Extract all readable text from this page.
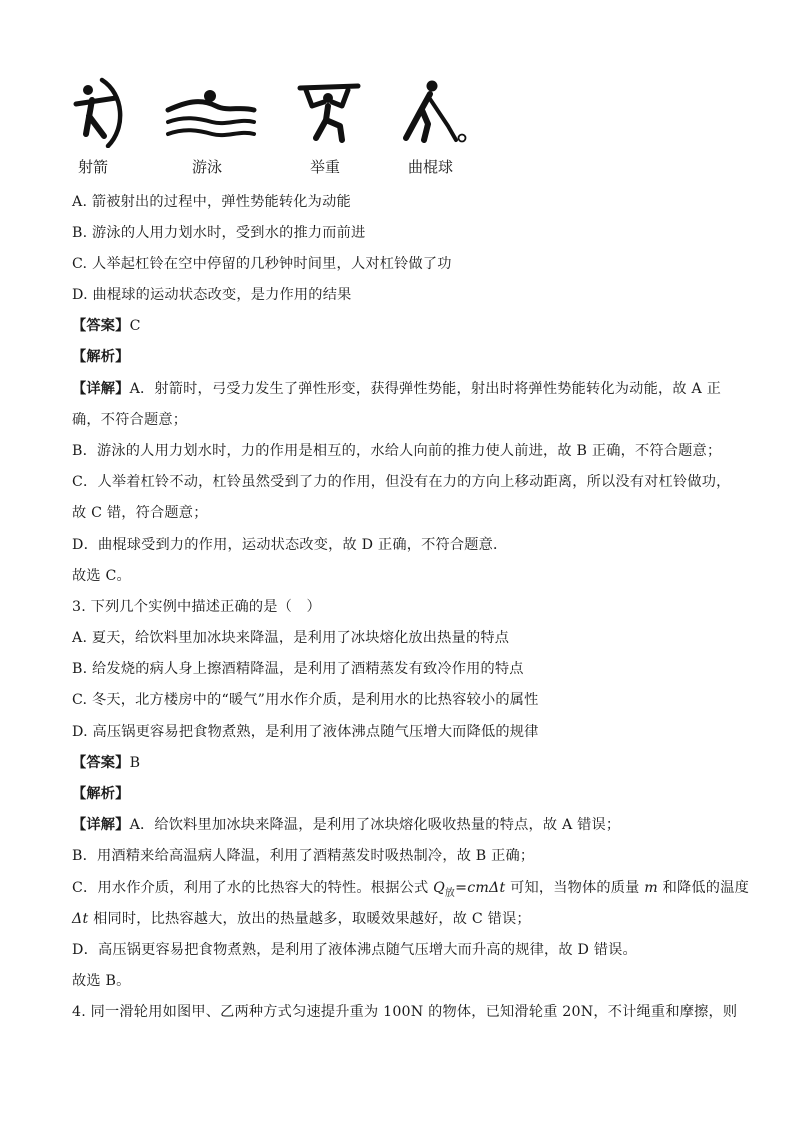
射箭	游泳	举重	曲棍球
A. 箭被射出的过程中，弹性势能转化为动能
B. 游泳的人用力划水时，受到水的推力而前进
C. 人举起杠铃在空中停留的几秒钟时间里，人对杠铃做了功
D. 曲棍球的运动状态改变，是力作用的结果
【答案】C
【解析】
【详解】A．射箭时，弓受力发生了弹性形变，获得弹性势能，射出时将弹性势能转化为动能，故 A 正
确，不符合题意；
B．游泳的人用力划水时，力的作用是相互的，水给人向前的推力使人前进，故 B 正确，不符合题意；
C．人举着杠铃不动，杠铃虽然受到了力的作用，但没有在力的方向上移动距离，所以没有对杠铃做功，
故 C 错，符合题意；
D．曲棍球受到力的作用，运动状态改变，故 D 正确，不符合题意．
故选 C。
3. 下列几个实例中描述正确的是（　）
A. 夏天，给饮料里加冰块来降温，是利用了冰块熔化放出热量的特点
B. 给发烧的病人身上擦酒精降温，是利用了酒精蒸发有致冷作用的特点
C. 冬天，北方楼房中的“暖气”用水作介质，是利用水的比热容较小的属性
D. 高压锅更容易把食物煮熟，是利用了液体沸点随气压增大而降低的规律
【答案】B
【解析】
【详解】A．给饮料里加冰块来降温，是利用了冰块熔化吸收热量的特点，故 A 错误；
B．用酒精来给高温病人降温，利用了酒精蒸发时吸热制冷，故 B 正确；
C．用水作介质，利用了水的比热容大的特性。根据公式 $Q_放=cm\Delta t$ 可知，当物体的质量 m 和降低的温度
Δt 相同时，比热容越大，放出的热量越多，取暖效果越好，故 C 错误；
D．高压锅更容易把食物煮熟，是利用了液体沸点随气压增大而升高的规律，故 D 错误。
故选 B。
4. 同一滑轮用如图甲、乙两种方式匀速提升重为 100N 的物体，已知滑轮重 20N，不计绳重和摩擦，则
